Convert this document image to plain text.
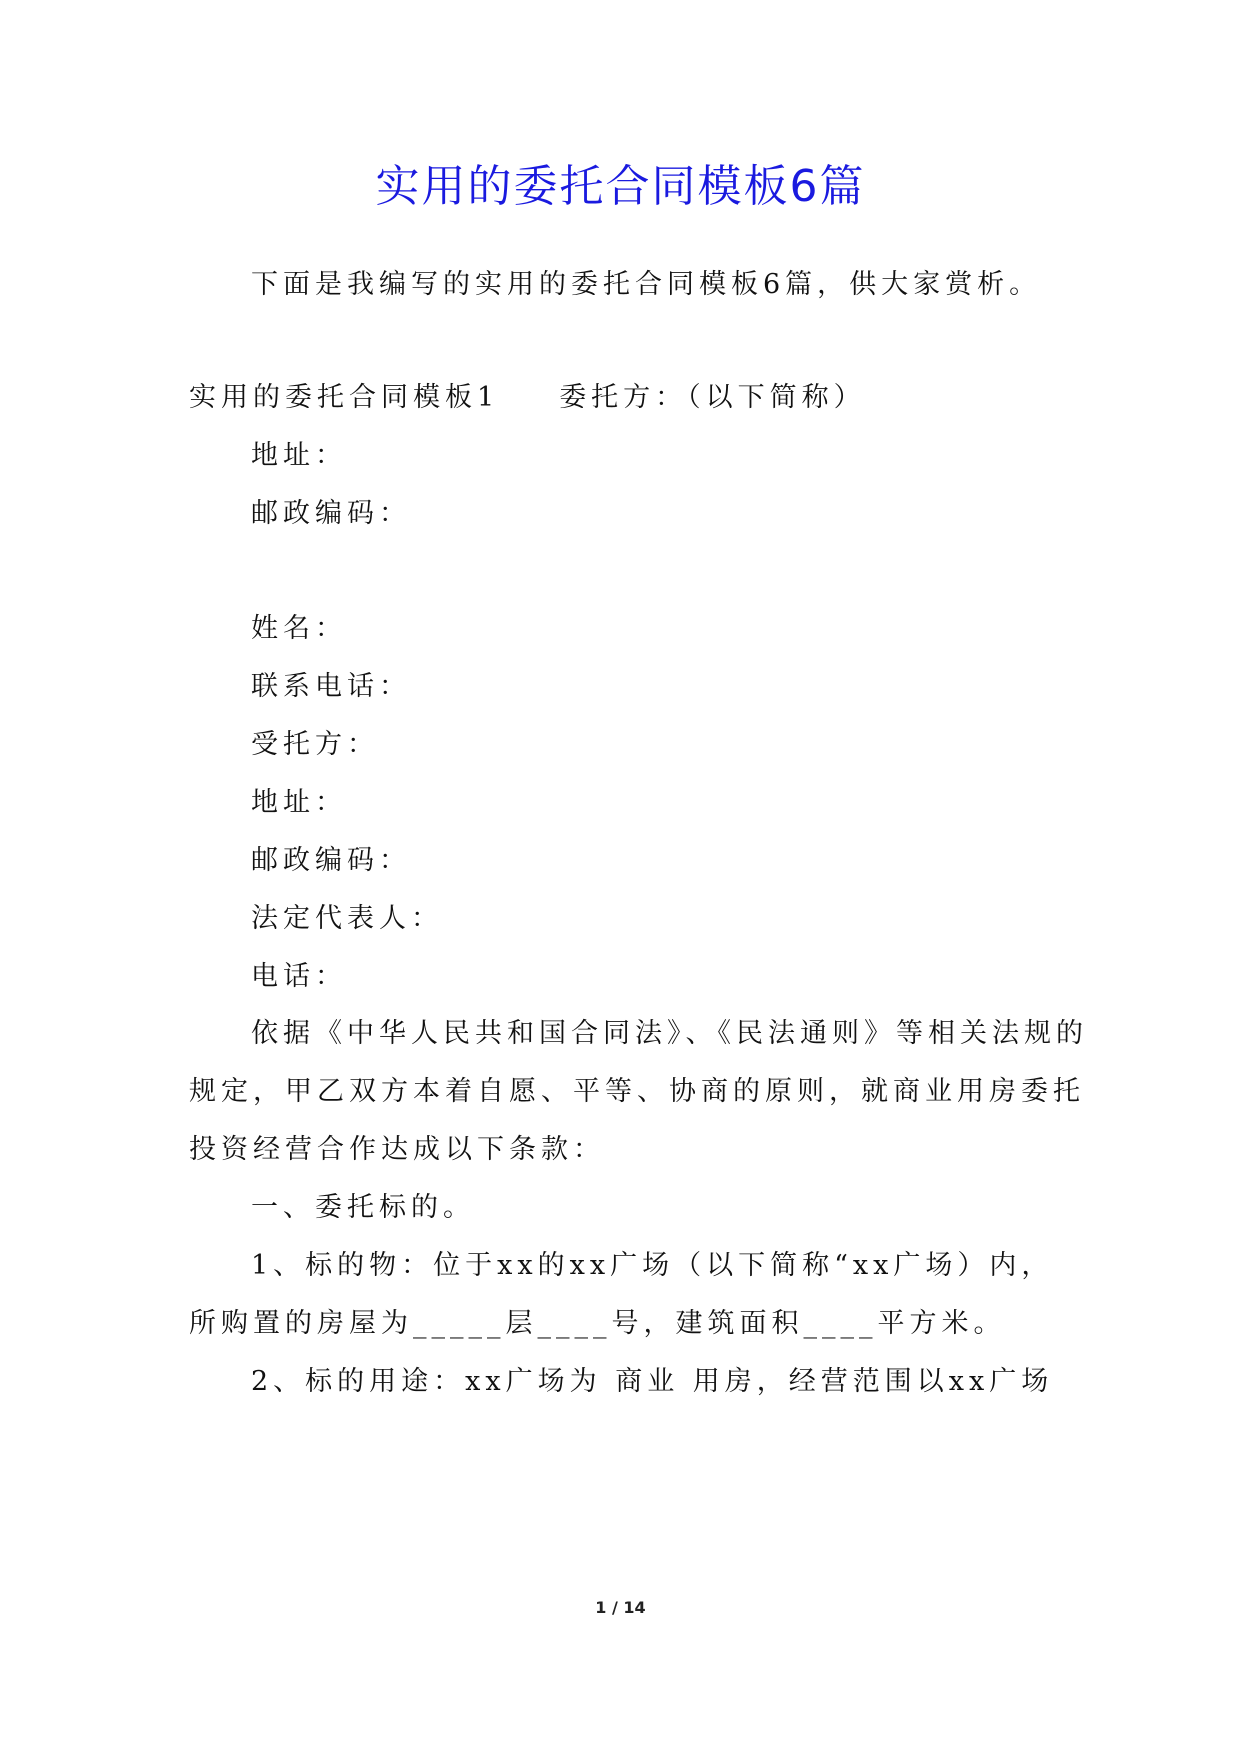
实用的委托合同模板6篇
下面是我编写的实用的委托合同模板6篇，供大家赏析。
实用的委托合同模板1 委托方：（以下简称）
地址：
邮政编码：
姓名：
联系电话：
受托方：
地址：
邮政编码：
法定代表人：
电话：
依据《中华人民共和国合同法》、《民法通则》等相关法规的
规定，甲乙双方本着自愿、平等、协商的原则，就商业用房委托
投资经营合作达成以下条款：
一、委托标的。
1、标的物：位于xx的xx广场（以下简称“xx广场）内，
所购置的房屋为_____层____号，建筑面积____平方米。
2、标的用途：xx广场为 商业 用房，经营范围以xx广场
1 / 14
